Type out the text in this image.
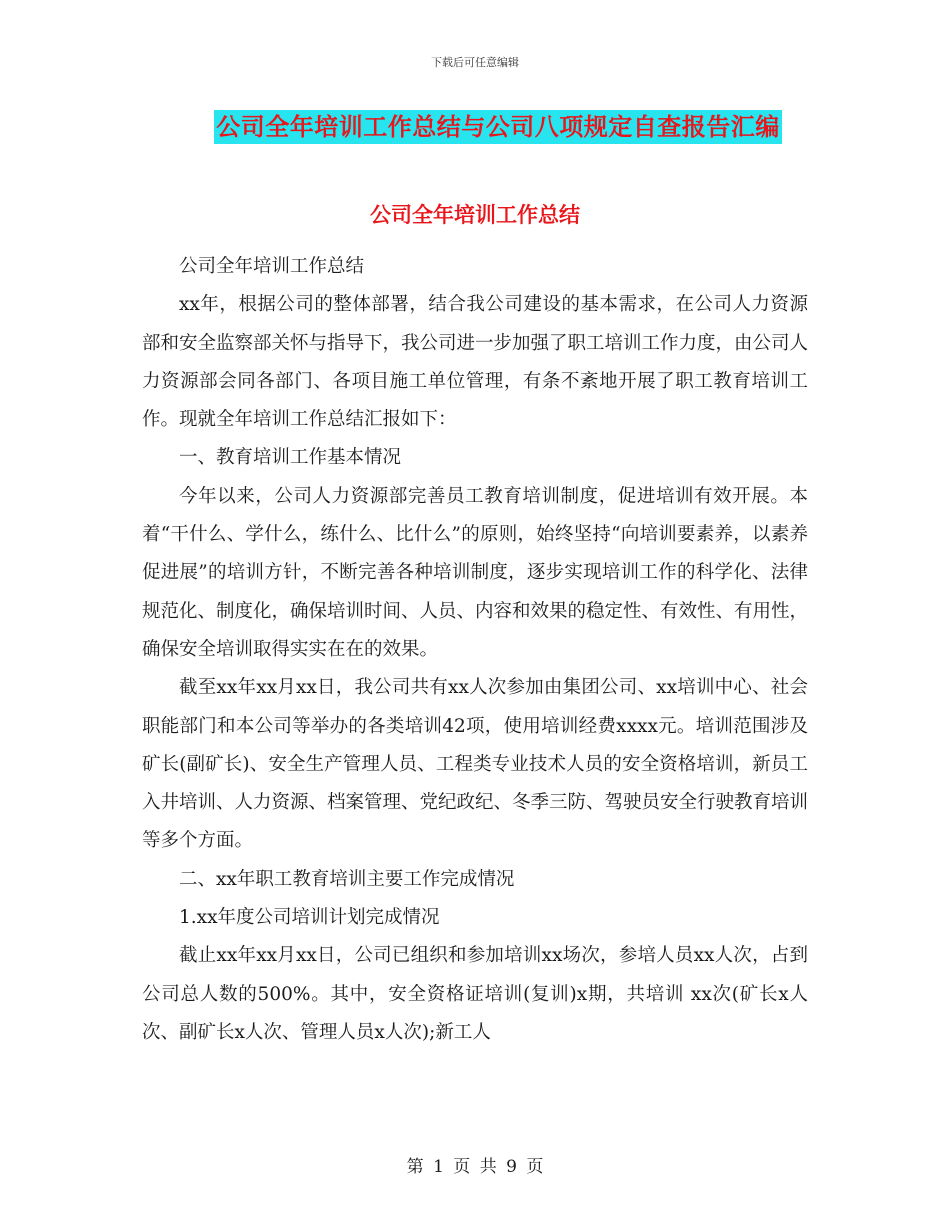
下载后可任意编辑
公司全年培训工作总结与公司八项规定自查报告汇编
公司全年培训工作总结

公司全年培训工作总结

xx年，根据公司的整体部署，结合我公司建设的基本需求，在公司人力资源部和安全监察部关怀与指导下，我公司进一步加强了职工培训工作力度，由公司人力资源部会同各部门、各项目施工单位管理，有条不紊地开展了职工教育培训工作。现就全年培训工作总结汇报如下：

一、教育培训工作基本情况

今年以来，公司人力资源部完善员工教育培训制度，促进培训有效开展。本着“干什么、学什么，练什么、比什么”的原则，始终坚持“向培训要素养，以素养促进展”的培训方针，不断完善各种培训制度，逐步实现培训工作的科学化、法律规范化、制度化，确保培训时间、人员、内容和效果的稳定性、有效性、有用性，确保安全培训取得实实在在的效果。

截至xx年xx月xx日，我公司共有xx人次参加由集团公司、xx培训中心、社会职能部门和本公司等举办的各类培训42项，使用培训经费xxxx元。培训范围涉及矿长(副矿长)、安全生产管理人员、工程类专业技术人员的安全资格培训，新员工入井培训、人力资源、档案管理、党纪政纪、冬季三防、驾驶员安全行驶教育培训等多个方面。

二、xx年职工教育培训主要工作完成情况

1.xx年度公司培训计划完成情况

截止xx年xx月xx日，公司已组织和参加培训xx场次，参培人员xx人次，占到公司总人数的500%。其中，安全资格证培训(复训)x期，共培训 xx次(矿长x人次、副矿长x人次、管理人员x人次);新工人

第 1 页 共 9 页
